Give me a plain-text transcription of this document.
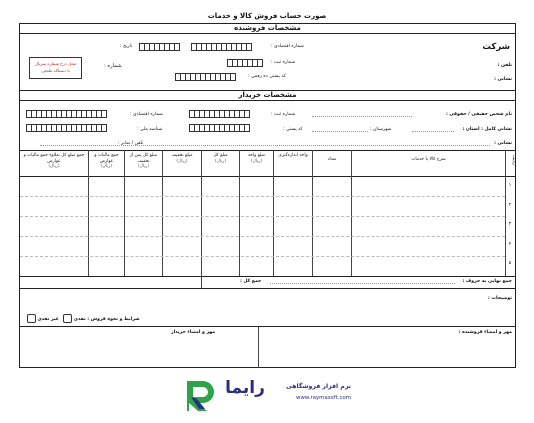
صورت حساب فروش کالا و خدمات
مشخصات فروشنده
شرکت
تلفن :
نشانی :
شماره اقتصادی :
شماره ثبت :
کد پستی ده رقمی :
تاریخ :
شماره :
محل درج شماره سریال
یا دستگاه ملتحی
مشخصات خریدار
نام شخص حقیقی / حقوقی :
شماره ثبت :
شماره اقتصادی :
نشانی کامل : استان :
شهرستان :
کد پستی :
شناسه ملی :
نشانی :
تلفن / نمابر :
ردیف
شرح کالا یا خدمات
تعداد
واحد اندازه‌گیری
مبلغ واحد
(ریال)
مبلغ کل
(ریال)
مبلغ تخفیف
(ریال)
مبلغ کل پس از تخفیف
(ریال)
جمع مالیات و عوارض
(ریال)
جمع مبلغ کل بعلاوه جمع مالیات و عوارض
(ریال)
۱
۲
۳
۴
۵
جمع کل :	جمع نهایی به حروف :
توضیحات :
شرایط و نحوه فروش : نقدی  غیر نقدی
مهر و امضاء فروشنده :
مهر و امضاء خریدار
رایما	نرم افزار فروشگاهی
www.raymasoft.com
